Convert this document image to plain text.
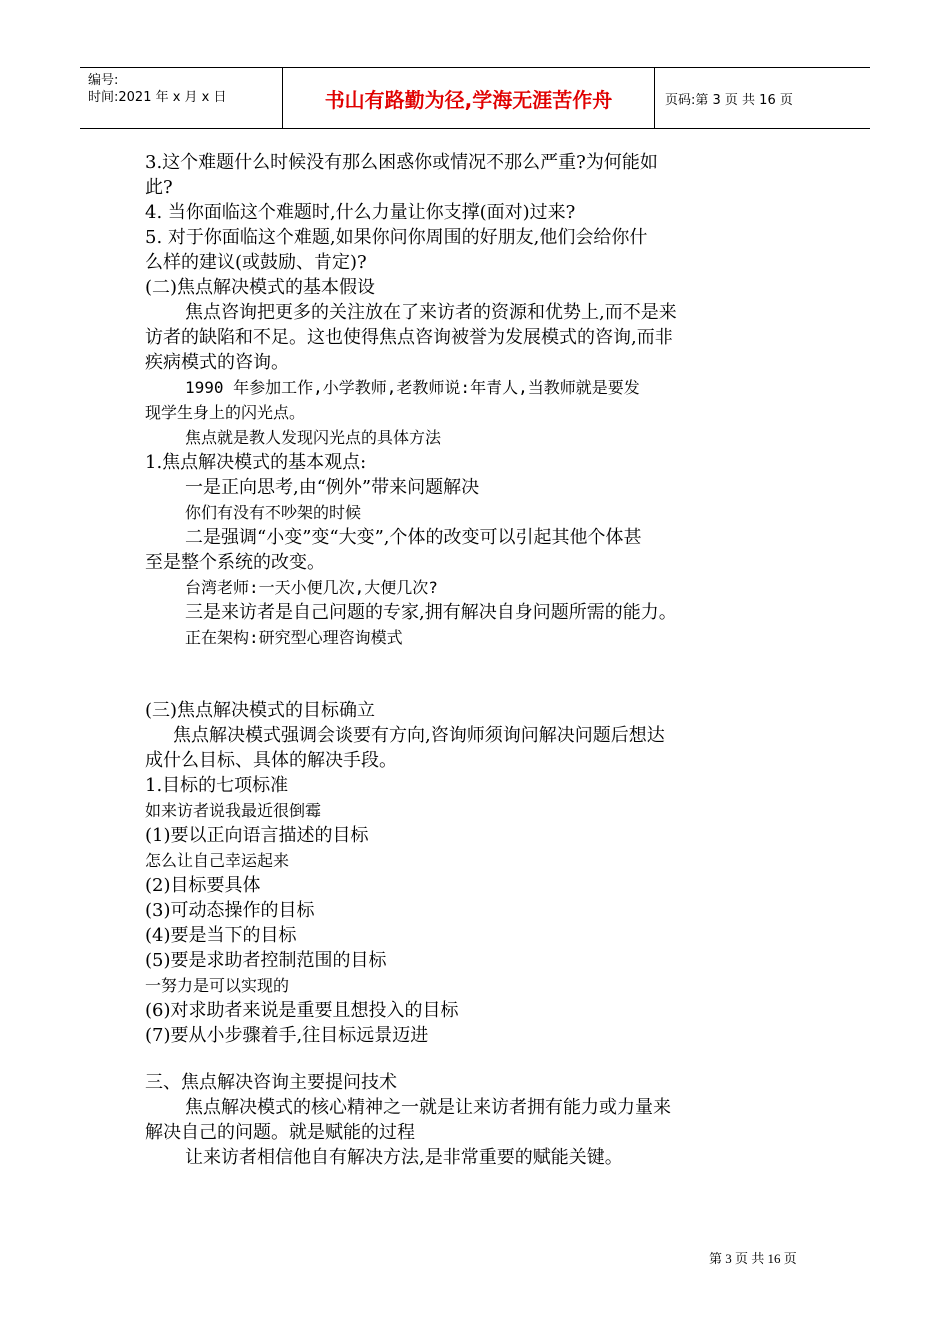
编号:
时间:2021 年 x 月 x 日	书山有路勤为径,学海无涯苦作舟	页码:第 3 页 共 16 页
3.这个难题什么时候没有那么困惑你或情况不那么严重?为何能如
此?
4. 当你面临这个难题时,什么力量让你支撑(面对)过来?
5. 对于你面临这个难题,如果你问你周围的好朋友,他们会给你什
么样的建议(或鼓励、肯定)?
(二)焦点解决模式的基本假设
焦点咨询把更多的关注放在了来访者的资源和优势上,而不是来
访者的缺陷和不足。这也使得焦点咨询被誉为发展模式的咨询,而非
疾病模式的咨询。
1990 年参加工作,小学教师,老教师说:年青人,当教师就是要发
现学生身上的闪光点。
焦点就是教人发现闪光点的具体方法
1.焦点解决模式的基本观点:
一是正向思考,由“例外”带来问题解决
你们有没有不吵架的时候
二是强调“小变”变“大变”,个体的改变可以引起其他个体甚
至是整个系统的改变。
台湾老师:一天小便几次,大便几次?
三是来访者是自己问题的专家,拥有解决自身问题所需的能力。
正在架构:研究型心理咨询模式
(三)焦点解决模式的目标确立
焦点解决模式强调会谈要有方向,咨询师须询问解决问题后想达
成什么目标、具体的解决手段。
1.目标的七项标准
如来访者说我最近很倒霉
(1)要以正向语言描述的目标
怎么让自己幸运起来
(2)目标要具体
(3)可动态操作的目标
(4)要是当下的目标
(5)要是求助者控制范围的目标
一努力是可以实现的
(6)对求助者来说是重要且想投入的目标
(7)要从小步骤着手,往目标远景迈进
三、焦点解决咨询主要提问技术
焦点解决模式的核心精神之一就是让来访者拥有能力或力量来
解决自己的问题。就是赋能的过程
让来访者相信他自有解决方法,是非常重要的赋能关键。
第 3 页 共 16 页
